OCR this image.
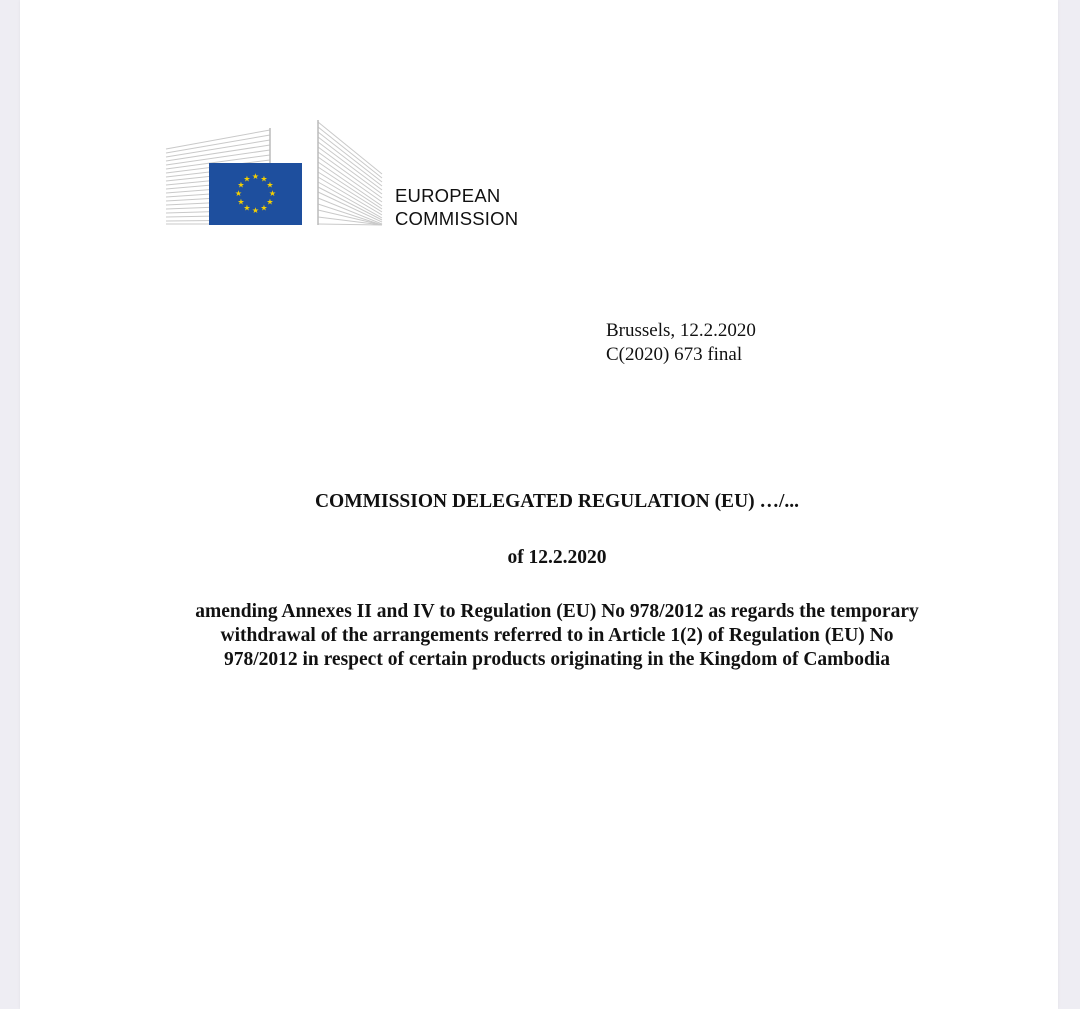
★ ★
★
★
★
★
★
★
★
★
★
★
EUROPEAN
COMMISSION
Brussels, 12.2.2020
C(2020) 673 final
COMMISSION DELEGATED REGULATION (EU) …/...
of 12.2.2020
amending Annexes II and IV to Regulation (EU) No 978/2012 as regards the temporary
withdrawal of the arrangements referred to in Article 1(2) of Regulation (EU) No
978/2012 in respect of certain products originating in the Kingdom of Cambodia
